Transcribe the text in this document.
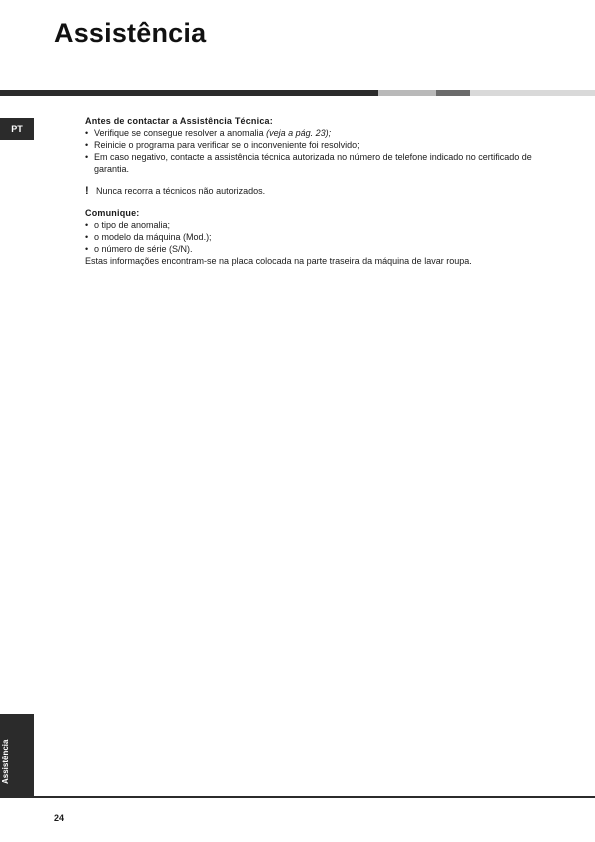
Assistência
PT
Antes de contactar a Assistência Técnica:
• Verifique se consegue resolver a anomalia (veja a pág. 23);
• Reinicie o programa para verificar se o inconveniente foi resolvido;
• Em caso negativo, contacte a assistência técnica autorizada no número de telefone indicado no certificado de garantia.
! Nunca recorra a técnicos não autorizados.
Comunique:
• o tipo de anomalia;
• o modelo da máquina (Mod.);
• o número de série (S/N).
Estas informações encontram-se na placa colocada na parte traseira da máquina de lavar roupa.
Assistência
24
